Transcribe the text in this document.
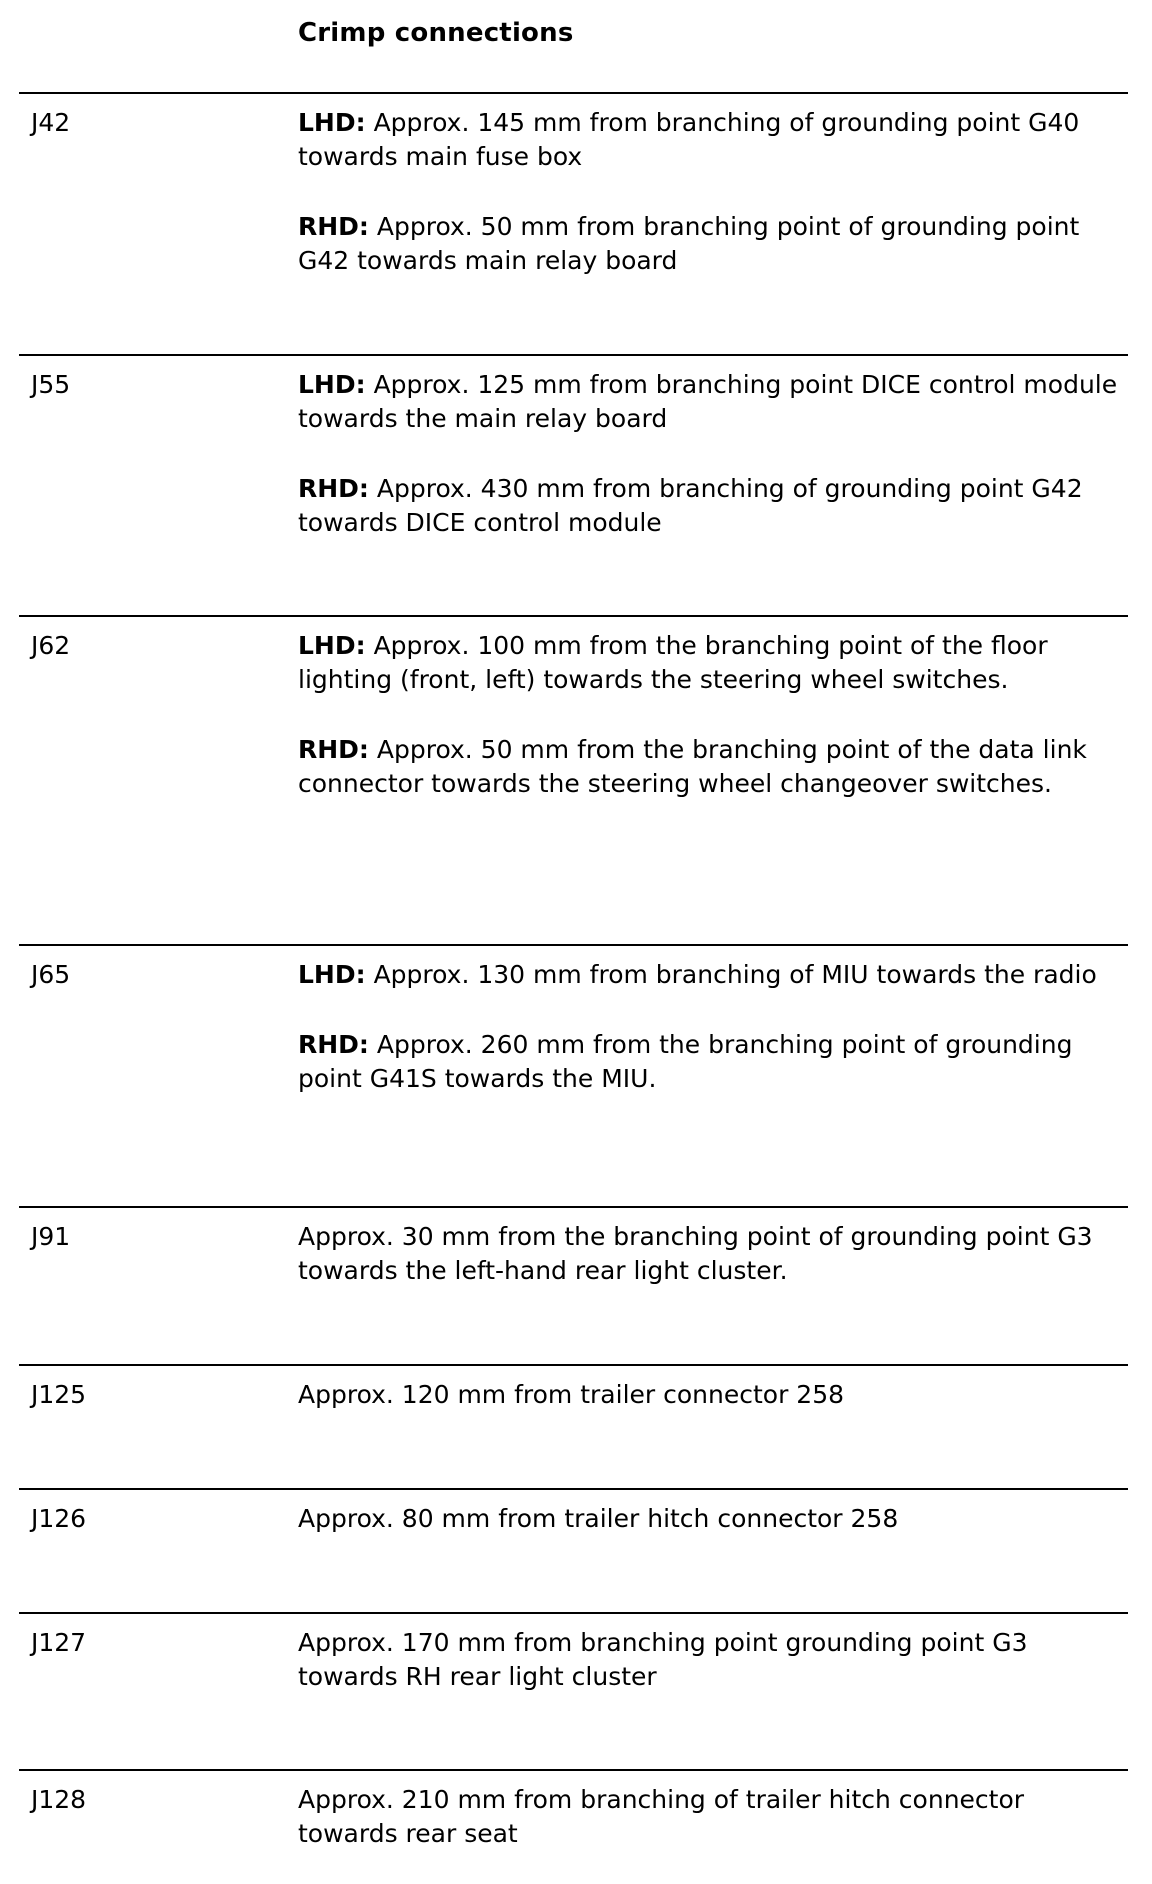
Crimp connections
J42	LHD: Approx. 145 mm from branching of grounding point G40 towards main fuse box

RHD: Approx. 50 mm from branching point of grounding point G42 towards main relay board

J55	LHD: Approx. 125 mm from branching point DICE control module towards the main relay board

RHD: Approx. 430 mm from branching of grounding point G42 towards DICE control module

J62	LHD: Approx. 100 mm from the branching point of the floor lighting (front, left) towards the steering wheel switches.

RHD: Approx. 50 mm from the branching point of the data link connector towards the steering wheel changeover switches.

J65	LHD: Approx. 130 mm from branching of MIU towards the radio

RHD: Approx. 260 mm from the branching point of grounding point G41S towards the MIU.

J91	Approx. 30 mm from the branching point of grounding point G3 towards the left-hand rear light cluster.

J125	Approx. 120 mm from trailer connector 258

J126	Approx. 80 mm from trailer hitch connector 258

J127	Approx. 170 mm from branching point grounding point G3 towards RH rear light cluster

J128	Approx. 210 mm from branching of trailer hitch connector towards rear seat
